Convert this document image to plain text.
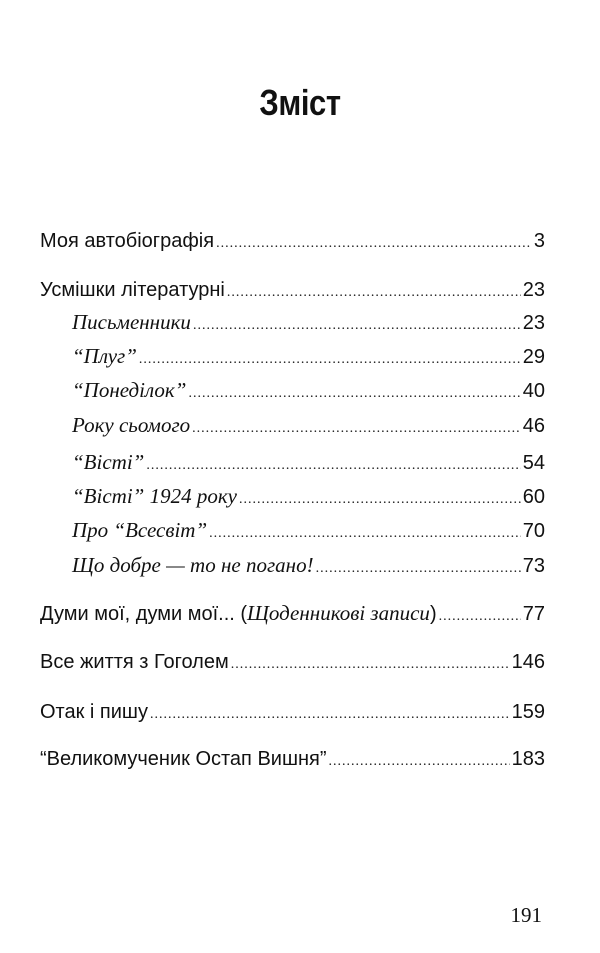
Зміст
Моя автобіографія .....	3
Усмішки літературні .....	23
Письменники .....	23
“Плуг” .....	29
“Понеділок” .....	40
Року сьомого .....	46
“Вісті” .....	54
“Вісті” 1924 року .....	60
Про “Всесвіт” .....	70
Що добре — то не погано! .....	73
Думи мої, думи мої... (Щоденникові записи) .....	77
Все життя з Гоголем .....	146
Отак і пишу .....	159
“Великомученик Остап Вишня” .....	183
191
